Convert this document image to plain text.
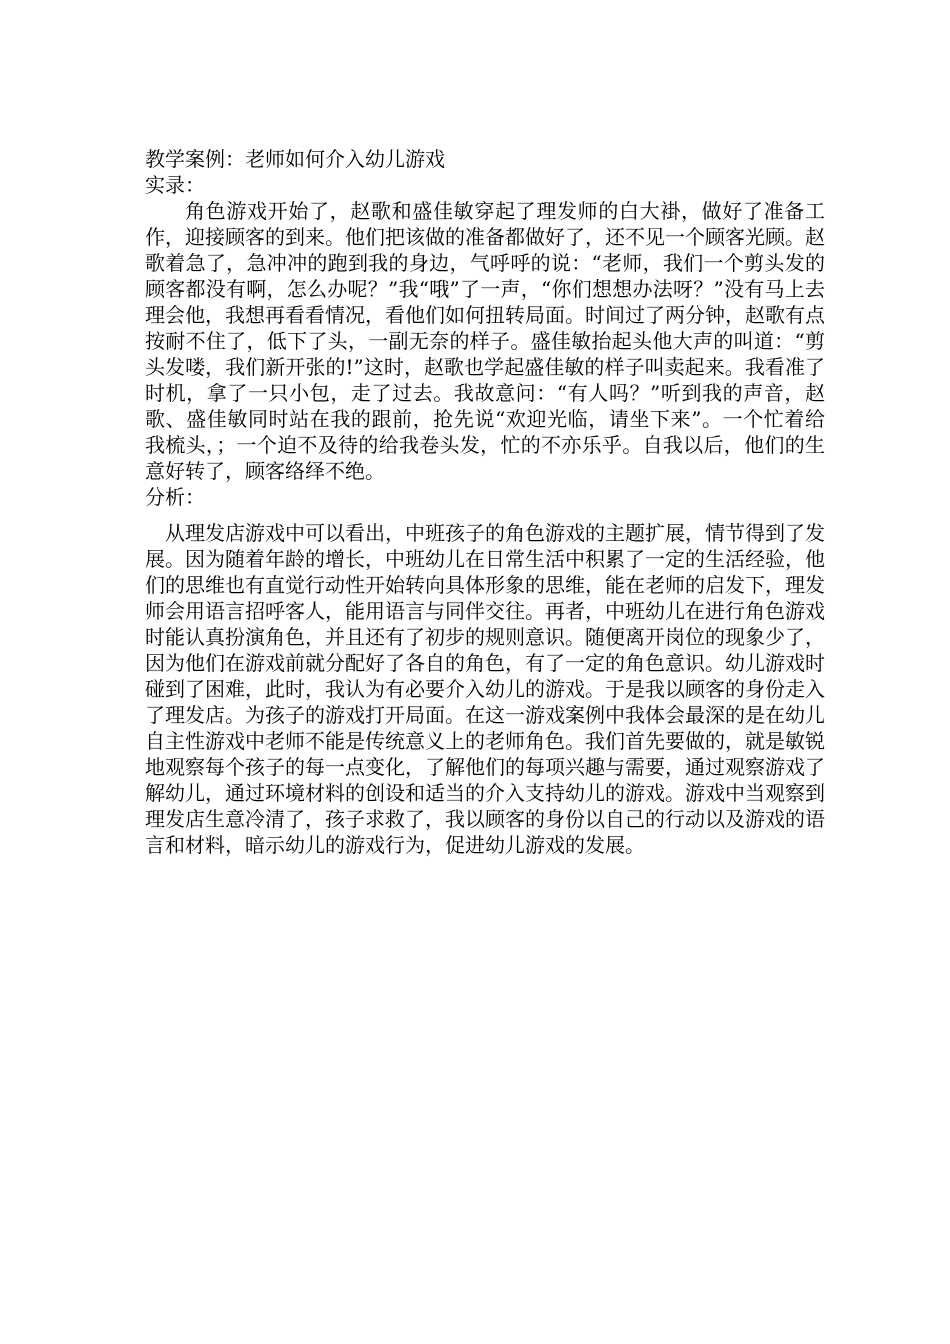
教学案例：老师如何介入幼儿游戏
实录：

角色游戏开始了，赵歌和盛佳敏穿起了理发师的白大褂，做好了准备工作，迎接顾客的到来。他们把该做的准备都做好了，还不见一个顾客光顾。赵歌着急了，急冲冲的跑到我的身边，气呼呼的说：“老师，我们一个剪头发的顾客都没有啊，怎么办呢？”我“哦”了一声，“你们想想办法呀？”没有马上去理会他，我想再看看情况，看他们如何扭转局面。时间过了两分钟，赵歌有点按耐不住了，低下了头，一副无奈的样子。盛佳敏抬起头他大声的叫道：“剪头发喽，我们新开张的!”这时，赵歌也学起盛佳敏的样子叫卖起来。我看准了时机，拿了一只小包，走了过去。我故意问：“有人吗？”听到我的声音，赵歌、盛佳敏同时站在我的跟前，抢先说“欢迎光临，请坐下来”。一个忙着给我梳头，；一个迫不及待的给我卷头发，忙的不亦乐乎。自我以后，他们的生意好转了，顾客络绎不绝。

分析：

从理发店游戏中可以看出，中班孩子的角色游戏的主题扩展，情节得到了发展。因为随着年龄的增长，中班幼儿在日常生活中积累了一定的生活经验，他们的思维也有直觉行动性开始转向具体形象的思维，能在老师的启发下，理发师会用语言招呼客人，能用语言与同伴交往。再者，中班幼儿在进行角色游戏时能认真扮演角色，并且还有了初步的规则意识。随便离开岗位的现象少了，因为他们在游戏前就分配好了各自的角色，有了一定的角色意识。幼儿游戏时碰到了困难，此时，我认为有必要介入幼儿的游戏。于是我以顾客的身份走入了理发店。为孩子的游戏打开局面。在这一游戏案例中我体会最深的是在幼儿自主性游戏中老师不能是传统意义上的老师角色。我们首先要做的，就是敏锐地观察每个孩子的每一点变化，了解他们的每项兴趣与需要，通过观察游戏了解幼儿，通过环境材料的创设和适当的介入支持幼儿的游戏。游戏中当观察到理发店生意冷清了，孩子求救了，我以顾客的身份以自己的行动以及游戏的语言和材料，暗示幼儿的游戏行为，促进幼儿游戏的发展。
